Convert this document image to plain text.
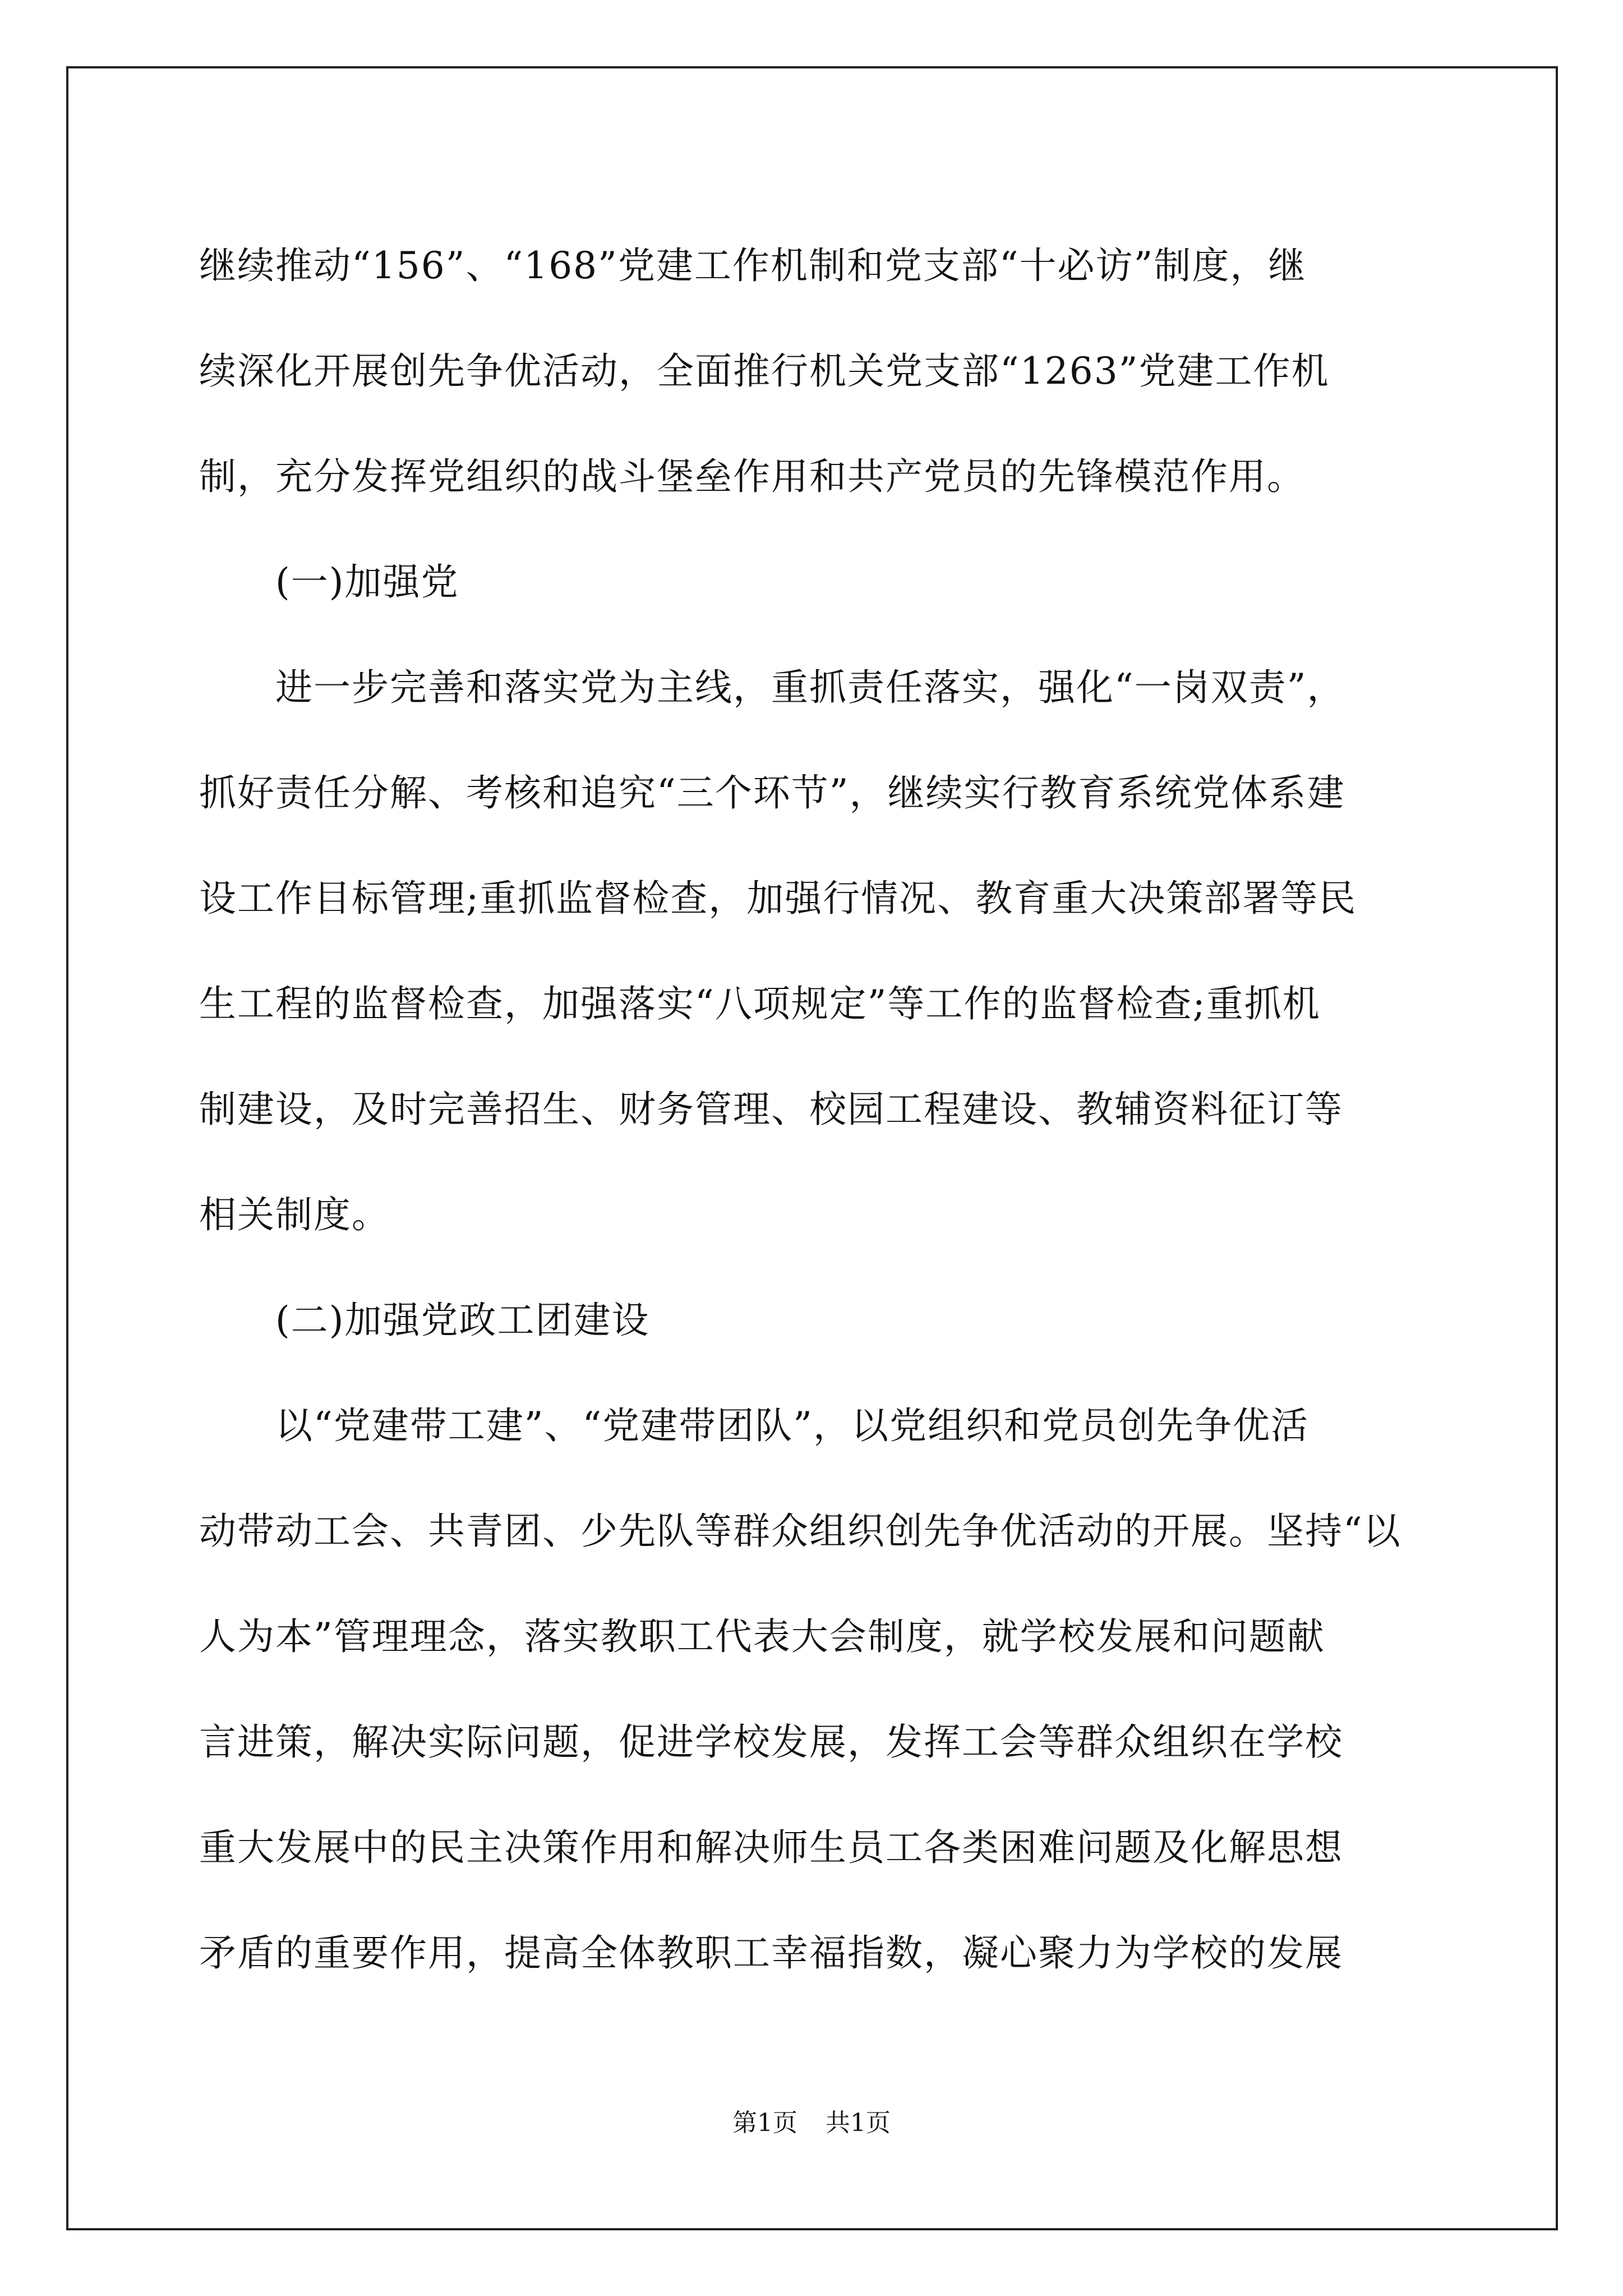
继续推动“156”、“168”党建工作机制和党支部“十必访”制度，继
续深化开展创先争优活动，全面推行机关党支部“1263”党建工作机
制，充分发挥党组织的战斗堡垒作用和共产党员的先锋模范作用。
　　(一)加强党
　　进一步完善和落实党为主线，重抓责任落实，强化“一岗双责”，
抓好责任分解、考核和追究“三个环节”，继续实行教育系统党体系建
设工作目标管理;重抓监督检查，加强行情况、教育重大决策部署等民
生工程的监督检查，加强落实“八项规定”等工作的监督检查;重抓机
制建设，及时完善招生、财务管理、校园工程建设、教辅资料征订等
相关制度。
　　(二)加强党政工团建设
　　以“党建带工建”、“党建带团队”，以党组织和党员创先争优活
动带动工会、共青团、少先队等群众组织创先争优活动的开展。坚持“以
人为本”管理理念，落实教职工代表大会制度，就学校发展和问题献
言进策，解决实际问题，促进学校发展，发挥工会等群众组织在学校
重大发展中的民主决策作用和解决师生员工各类困难问题及化解思想
矛盾的重要作用，提高全体教职工幸福指数，凝心聚力为学校的发展
第1页 共1页
